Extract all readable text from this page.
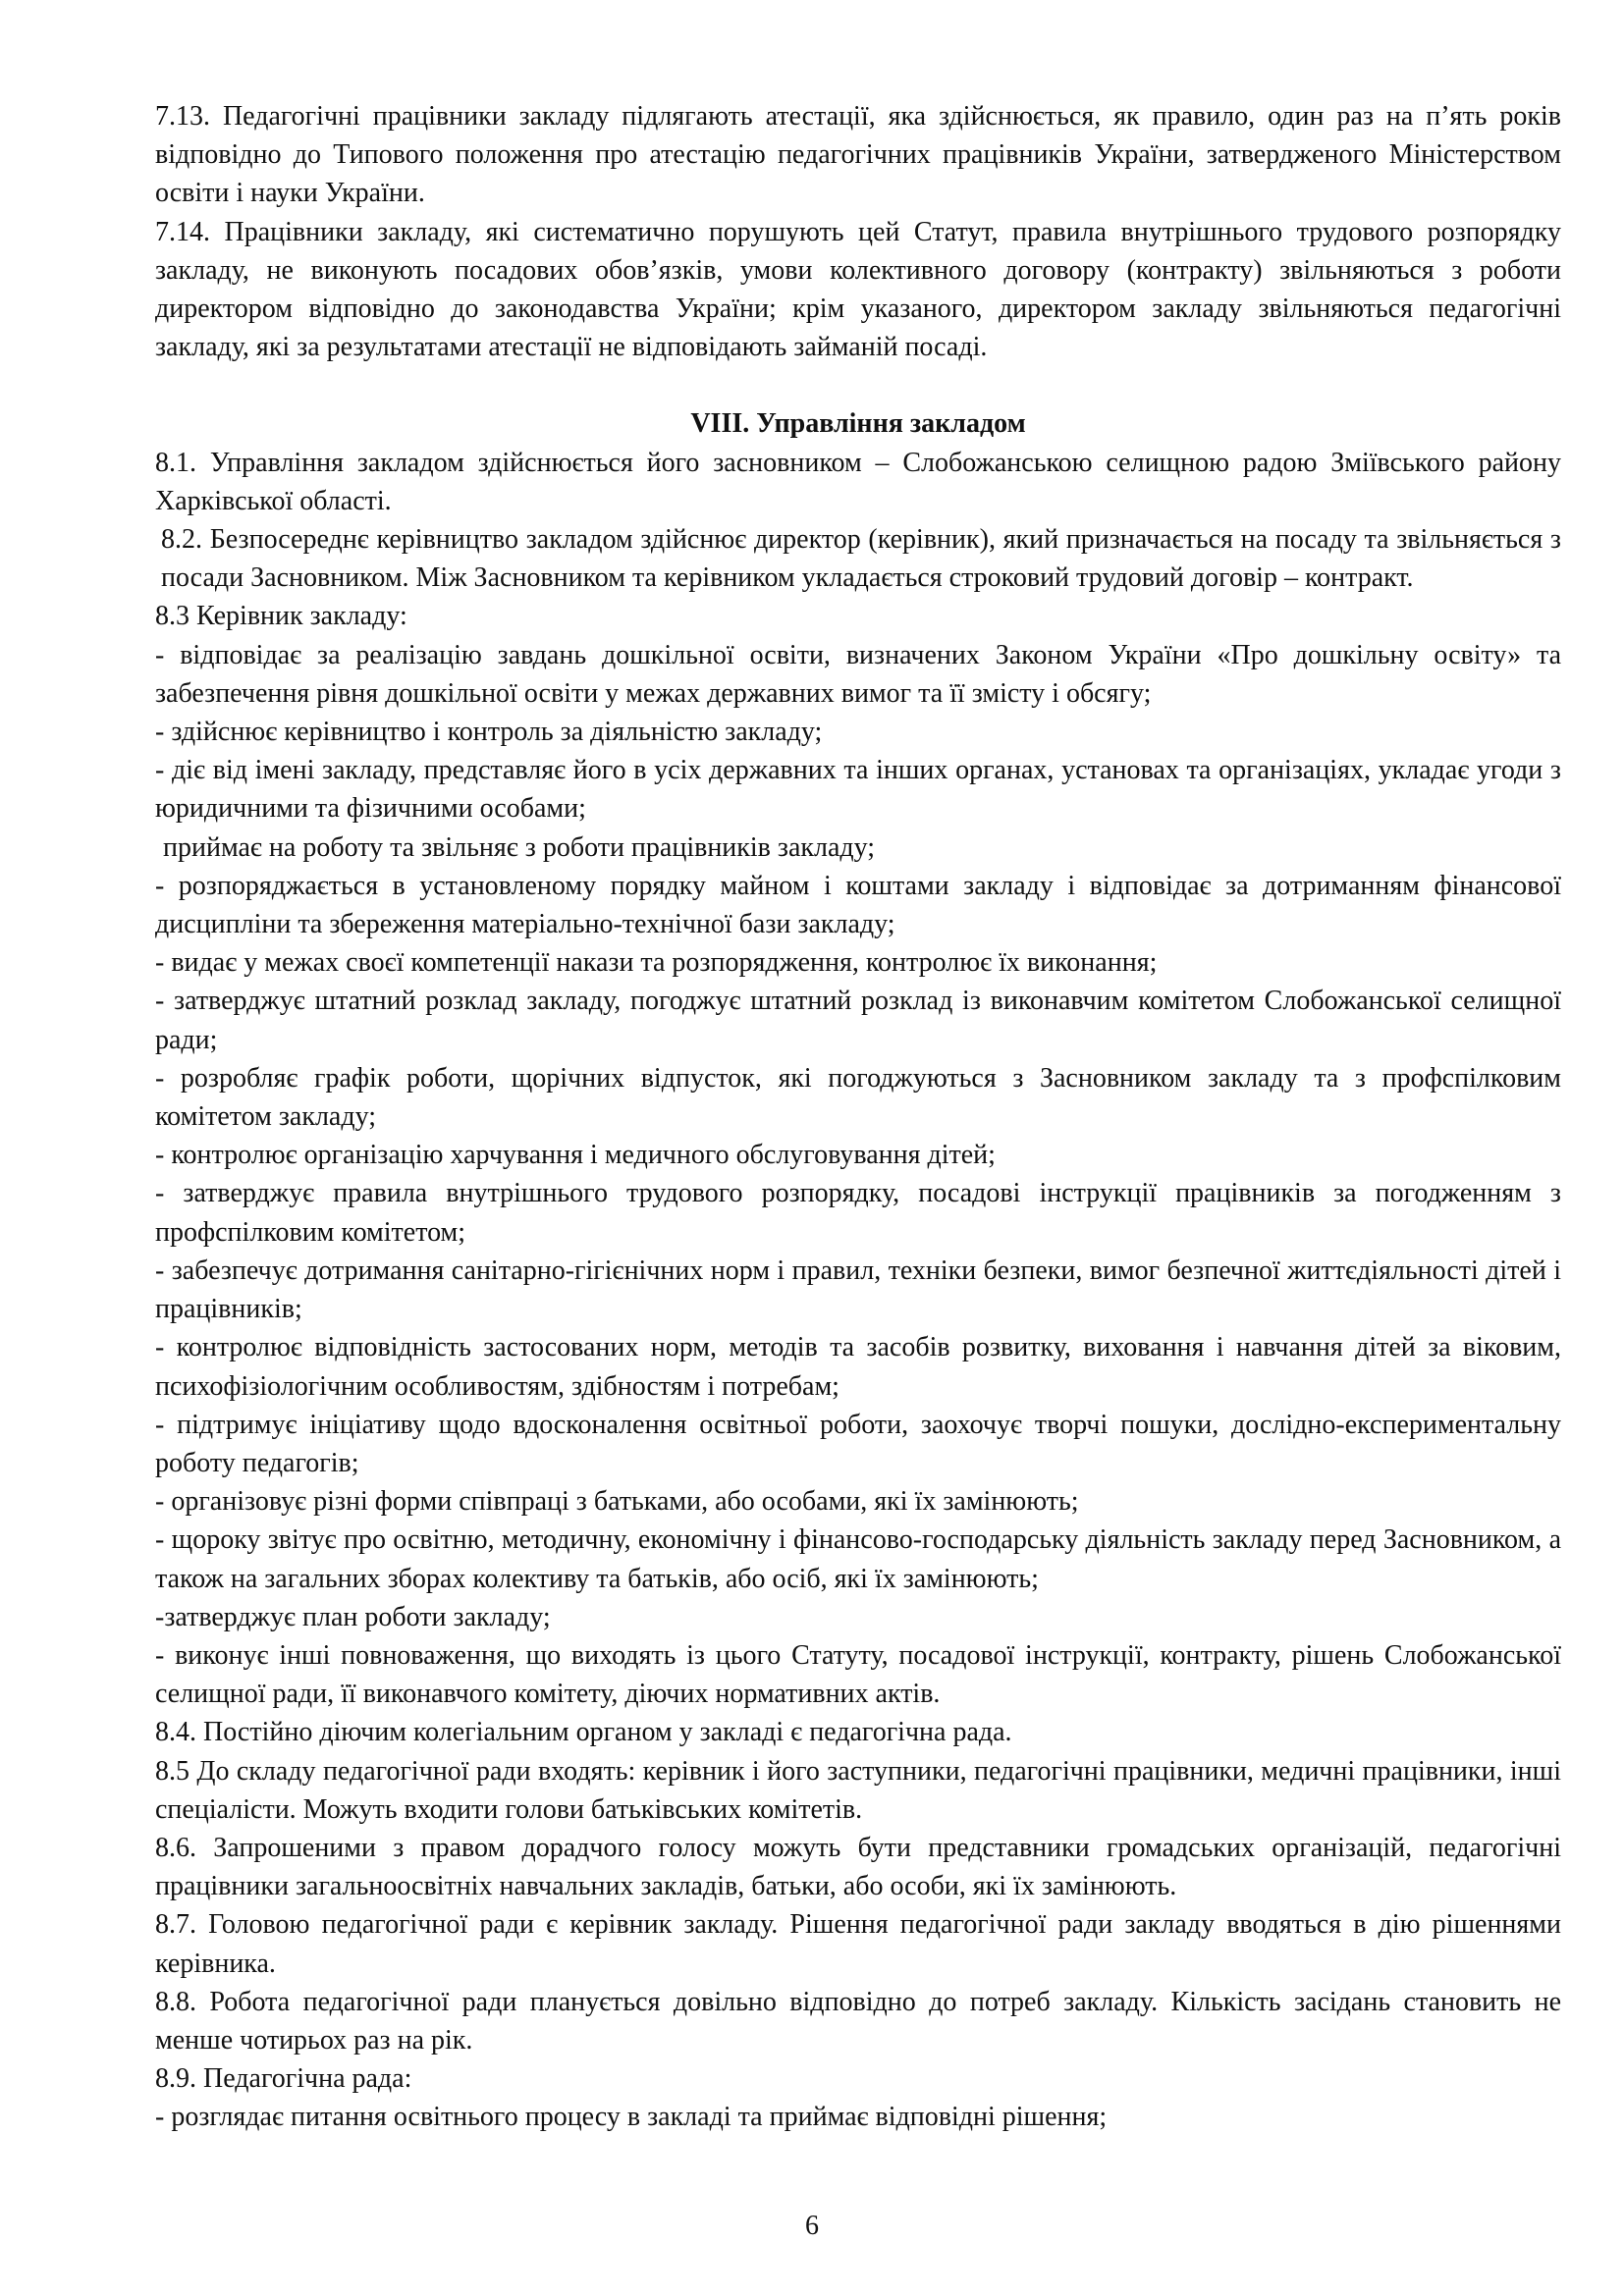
7.13. Педагогічні працівники закладу підлягають атестації, яка здійснюється, як правило, один раз на п’ять років відповідно до Типового положення про атестацію педагогічних працівників України, затвердженого Міністерством освіти і науки України.

7.14. Працівники закладу, які систематично порушують цей Статут, правила внутрішнього трудового розпорядку закладу, не виконують посадових обов’язків, умови колективного договору (контракту) звільняються з роботи директором відповідно до законодавства України; крім указаного, директором закладу звільняються педагогічні закладу, які за результатами атестації не відповідають займаній посаді.

VIII. Управління закладом

8.1. Управління закладом здійснюється його засновником – Слобожанською селищною радою Зміївського району Харківської області.

8.2. Безпосереднє керівництво закладом здійснює директор (керівник), який призначається на посаду та звільняється з посади Засновником. Між Засновником та керівником укладається строковий трудовий договір – контракт.

8.3 Керівник закладу:

- відповідає за реалізацію завдань дошкільної освіти, визначених Законом України «Про дошкільну освіту» та забезпечення рівня дошкільної освіти у межах державних вимог та її змісту і обсягу;

- здійснює керівництво і контроль за діяльністю закладу;

- діє від імені закладу, представляє його в усіх державних та інших органах, установах та організаціях, укладає угоди з юридичними та фізичними особами;

приймає на роботу та звільняє з роботи працівників закладу;

- розпоряджається в установленому порядку майном і коштами закладу і відповідає за дотриманням фінансової дисципліни та збереження матеріально-технічної бази закладу;

- видає у межах своєї компетенції накази та розпорядження, контролює їх виконання;

- затверджує штатний розклад закладу, погоджує штатний розклад із виконавчим комітетом Слобожанської селищної ради;

- розробляє графік роботи, щорічних відпусток, які погоджуються з Засновником закладу та з профспілковим комітетом закладу;

- контролює організацію харчування і медичного обслуговування дітей;

- затверджує правила внутрішнього трудового розпорядку, посадові інструкції працівників за погодженням з профспілковим комітетом;

- забезпечує дотримання санітарно-гігієнічних норм і правил, техніки безпеки, вимог безпечної життєдіяльності дітей і працівників;

- контролює відповідність застосованих норм, методів та засобів розвитку, виховання і навчання дітей за віковим, психофізіологічним особливостям, здібностям і потребам;

- підтримує ініціативу щодо вдосконалення освітньої роботи, заохочує творчі пошуки, дослідно-експериментальну роботу педагогів;

- організовує різні форми співпраці з батьками, або особами, які їх замінюють;

- щороку звітує про освітню, методичну, економічну і фінансово-господарську діяльність закладу перед Засновником, а також на загальних зборах колективу та батьків, або осіб, які їх замінюють;

-затверджує план роботи закладу;

- виконує інші повноваження, що виходять із цього Статуту, посадової інструкції, контракту, рішень Слобожанської селищної ради, її виконавчого комітету, діючих нормативних актів.

8.4. Постійно діючим колегіальним органом у закладі є педагогічна рада.

8.5 До складу педагогічної ради входять: керівник і його заступники, педагогічні працівники, медичні працівники, інші спеціалісти. Можуть входити голови батьківських комітетів.

8.6. Запрошеними з правом дорадчого голосу можуть бути представники громадських організацій, педагогічні працівники загальноосвітніх навчальних закладів, батьки, або особи, які їх замінюють.

8.7. Головою педагогічної ради є керівник закладу. Рішення педагогічної ради закладу вводяться в дію рішеннями керівника.

8.8. Робота педагогічної ради планується довільно відповідно до потреб закладу. Кількість засідань становить не менше чотирьох раз на рік.

8.9. Педагогічна рада:

- розглядає питання освітнього процесу в закладі та приймає відповідні рішення;

6
